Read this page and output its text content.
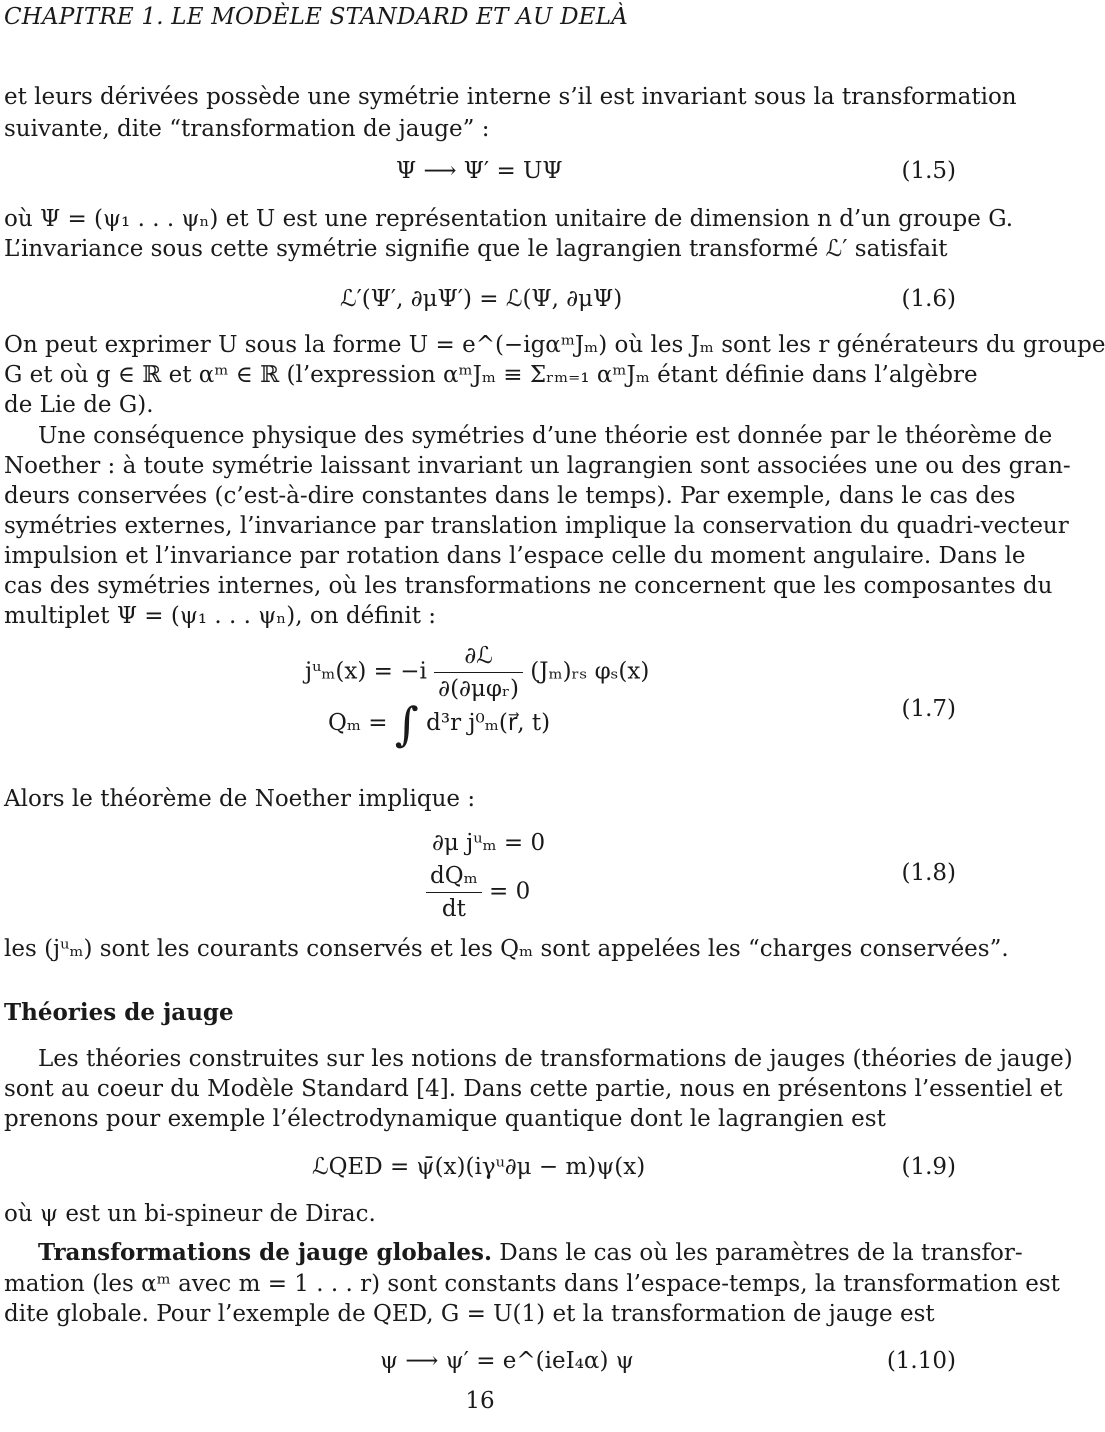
CHAPITRE 1. LE MODÈLE STANDARD ET AU DELÀ
et leurs dérivées possède une symétrie interne s’il est invariant sous la transformation
suivante, dite “transformation de jauge” :
Ψ ⟶ Ψ′ = UΨ	(1.5)
où Ψ = (ψ₁ . . . ψₙ) et U est une représentation unitaire de dimension n d’un groupe G.
L’invariance sous cette symétrie signifie que le lagrangien transformé ℒ′ satisfait
ℒ′(Ψ′, ∂μΨ′) = ℒ(Ψ, ∂μΨ)	(1.6)
On peut exprimer U sous la forme U = e^(−igαᵐJₘ) où les Jₘ sont les r générateurs du groupe
G et où g ∈ ℝ et αᵐ ∈ ℝ (l’expression αᵐJₘ ≡ Σᵣₘ₌₁ αᵐJₘ étant définie dans l’algèbre
de Lie de G).
Une conséquence physique des symétries d’une théorie est donnée par le théorème de
Noether : à toute symétrie laissant invariant un lagrangien sont associées une ou des gran-
deurs conservées (c’est-à-dire constantes dans le temps). Par exemple, dans le cas des
symétries externes, l’invariance par translation implique la conservation du quadri-vecteur
impulsion et l’invariance par rotation dans l’espace celle du moment angulaire. Dans le
cas des symétries internes, où les transformations ne concernent que les composantes du
multiplet Ψ = (ψ₁ . . . ψₙ), on définit :
jᵘₘ(x) = $-i \frac{\text{∂ℒ}}{\text{∂(∂μφᵣ)}}$ (Jₘ)ᵣₛ φₛ(x)
Qₘ = ∫ d³r j⁰ₘ(r⃗, t)
(1.7)
Alors le théorème de Noether implique :
∂μ jᵘₘ = 0
$\frac{\text{dQₘ}}{dt} = 0$
(1.8)
les (jᵘₘ) sont les courants conservés et les Qₘ sont appelées les “charges conservées”.
Théories de jauge
Les théories construites sur les notions de transformations de jauges (théories de jauge)
sont au coeur du Modèle Standard [4]. Dans cette partie, nous en présentons l’essentiel et
prenons pour exemple l’électrodynamique quantique dont le lagrangien est
ℒQED = ψ̄(x)(iγᵘ∂μ − m)ψ(x)	(1.9)
où ψ est un bi-spineur de Dirac.
Transformations de jauge globales. Dans le cas où les paramètres de la transfor-
mation (les αᵐ avec m = 1 . . . r) sont constants dans l’espace-temps, la transformation est
dite globale. Pour l’exemple de QED, G = U(1) et la transformation de jauge est
ψ ⟶ ψ′ = e^(ieI₄α) ψ	(1.10)
16
